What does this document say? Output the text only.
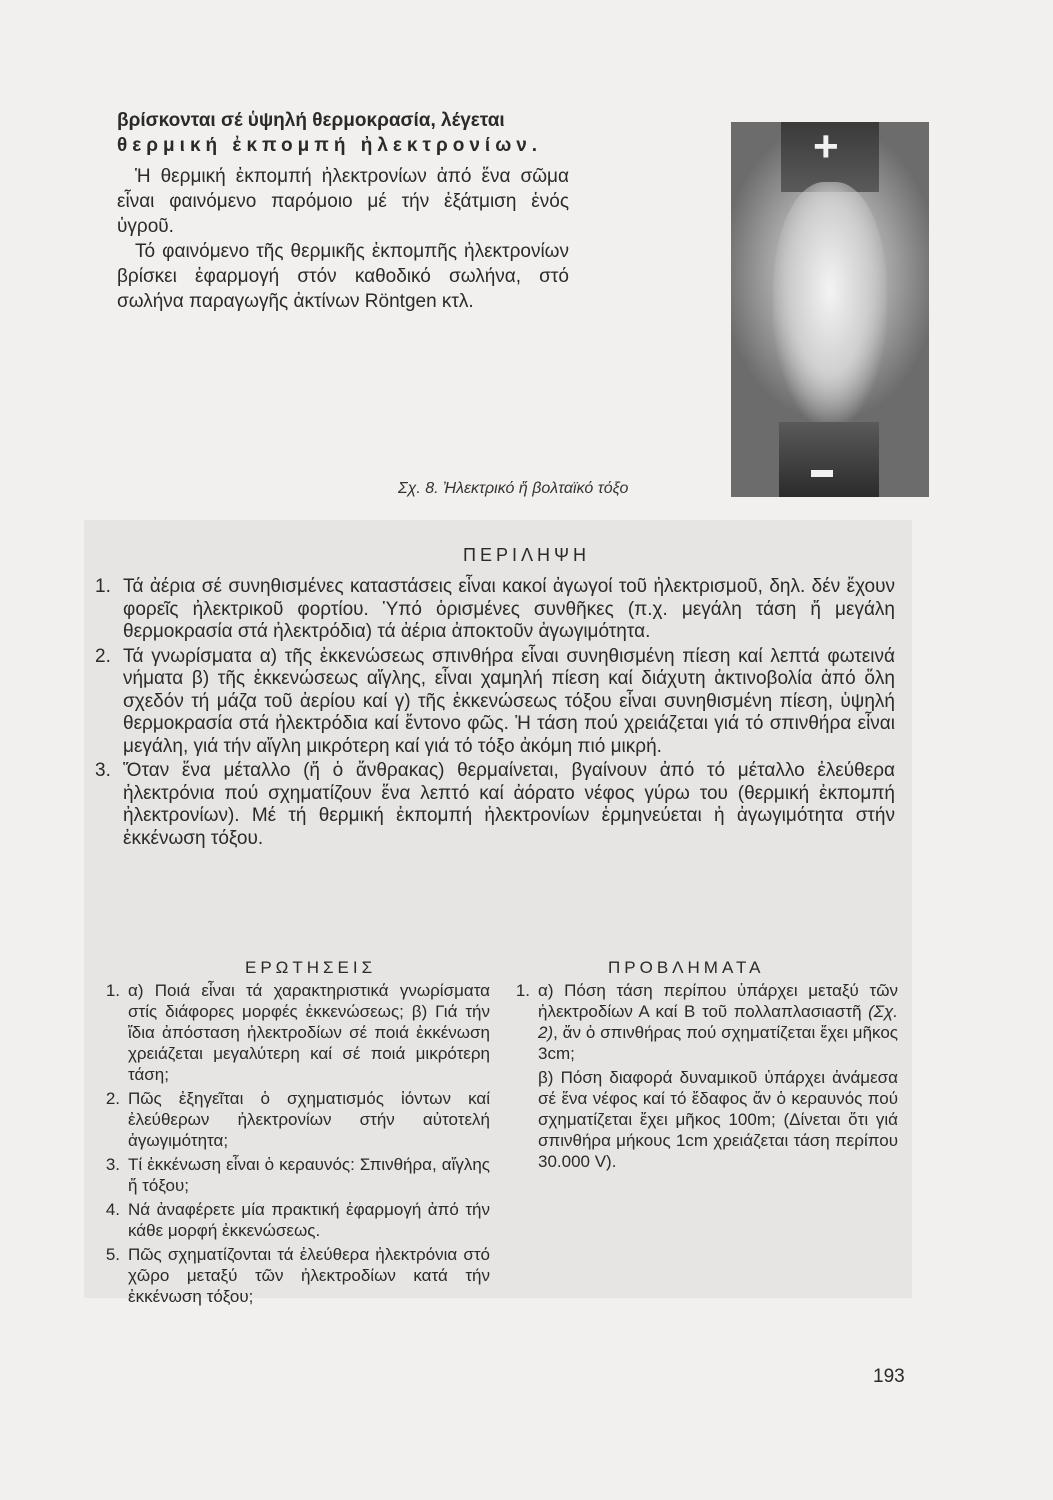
βρίσκονται σέ ὑψηλή θερμοκρασία, λέγεται
θερμική ἐκπομπή ἠλεκτρονίων.

Ἡ θερμική ἐκπομπή ἠλεκτρονίων ἀπό ἕνα σῶμα εἶναι φαινόμενο παρόμοιο μέ τήν ἐξάτμιση ἑνός ὑγροῦ.

Τό φαινόμενο τῆς θερμικῆς ἐκπομπῆς ἠλεκτρονίων βρίσκει ἐφαρμογή στόν καθοδικό σωλήνα, στό σωλήνα παραγωγῆς ἀκτίνων Röntgen κτλ.

+
Σχ. 8. Ἠλεκτρικό ἤ βολταϊκό τόξο
ΠΕΡΙΛΗΨΗ
1. Τά ἀέρια σέ συνηθισμένες καταστάσεις εἶναι κακοί ἀγωγοί τοῦ ἠλεκτρισμοῦ, δηλ. δέν ἔχουν φορεῖς ἠλεκτρικοῦ φορτίου. Ὑπό ὁρισμένες συνθῆκες (π.χ. μεγάλη τάση ἤ μεγάλη θερμοκρασία στά ἠλεκτρόδια) τά ἀέρια ἀποκτοῦν ἀγωγιμότητα.
2. Τά γνωρίσματα α) τῆς ἐκκενώσεως σπινθήρα εἶναι συνηθισμένη πίεση καί λεπτά φωτεινά νήματα β) τῆς ἐκκενώσεως αἴγλης, εἶναι χαμηλή πίεση καί διάχυτη ἀκτινοβολία ἀπό ὅλη σχεδόν τή μάζα τοῦ ἀερίου καί γ) τῆς ἐκκενώσεως τόξου εἶναι συνηθισμένη πίεση, ὑψηλή θερμοκρασία στά ἠλεκτρόδια καί ἔντονο φῶς. Ἡ τάση πού χρειάζεται γιά τό σπινθήρα εἶναι μεγάλη, γιά τήν αἴγλη μικρότερη καί γιά τό τόξο ἀκόμη πιό μικρή.
3. Ὅταν ἕνα μέταλλο (ἤ ὁ ἄνθρακας) θερμαίνεται, βγαίνουν ἀπό τό μέταλλο ἐλεύθερα ἠλεκτρόνια πού σχηματίζουν ἕνα λεπτό καί ἀόρατο νέφος γύρω του (θερμική ἐκπομπή ἠλεκτρονίων). Μέ τή θερμική ἐκπομπή ἠλεκτρονίων ἑρμηνεύεται ἡ ἀγωγιμότητα στήν ἐκκένωση τόξου.
ΕΡΩΤΗΣΕΙΣ	ΠΡΟΒΛΗΜΑΤΑ
1. α) Ποιά εἶναι τά χαρακτηριστικά γνωρίσματα στίς διάφορες μορφές ἐκκενώσεως; β) Γιά τήν ἴδια ἀπόσταση ἠλεκτροδίων σέ ποιά ἐκκένωση χρειάζεται μεγαλύτερη καί σέ ποιά μικρότερη τάση;
2. Πῶς ἐξηγεῖται ὁ σχηματισμός ἰόντων καί ἐλεύθερων ἠλεκτρονίων στήν αὐτοτελή ἀγωγιμότητα;
3. Τί ἐκκένωση εἶναι ὁ κεραυνός: Σπινθήρα, αἴγλης ἤ τόξου;
4. Νά ἀναφέρετε μία πρακτική ἐφαρμογή ἀπό τήν κάθε μορφή ἐκκενώσεως.
5. Πῶς σχηματίζονται τά ἐλεύθερα ἠλεκτρόνια στό χῶρο μεταξύ τῶν ἠλεκτροδίων κατά τήν ἐκκένωση τόξου;
1. α) Πόση τάση περίπου ὑπάρχει μεταξύ τῶν ἠλεκτροδίων Α καί Β τοῦ πολλαπλασιαστῆ (Σχ. 2), ἄν ὁ σπινθήρας πού σχηματίζεται ἔχει μῆκος 3cm;
β) Πόση διαφορά δυναμικοῦ ὑπάρχει ἀνάμεσα σέ ἕνα νέφος καί τό ἔδαφος ἄν ὁ κεραυνός πού σχηματίζεται ἔχει μῆκος 100m; (Δίνεται ὅτι γιά σπινθήρα μήκους 1cm χρειάζεται τάση περίπου 30.000 V).
193
